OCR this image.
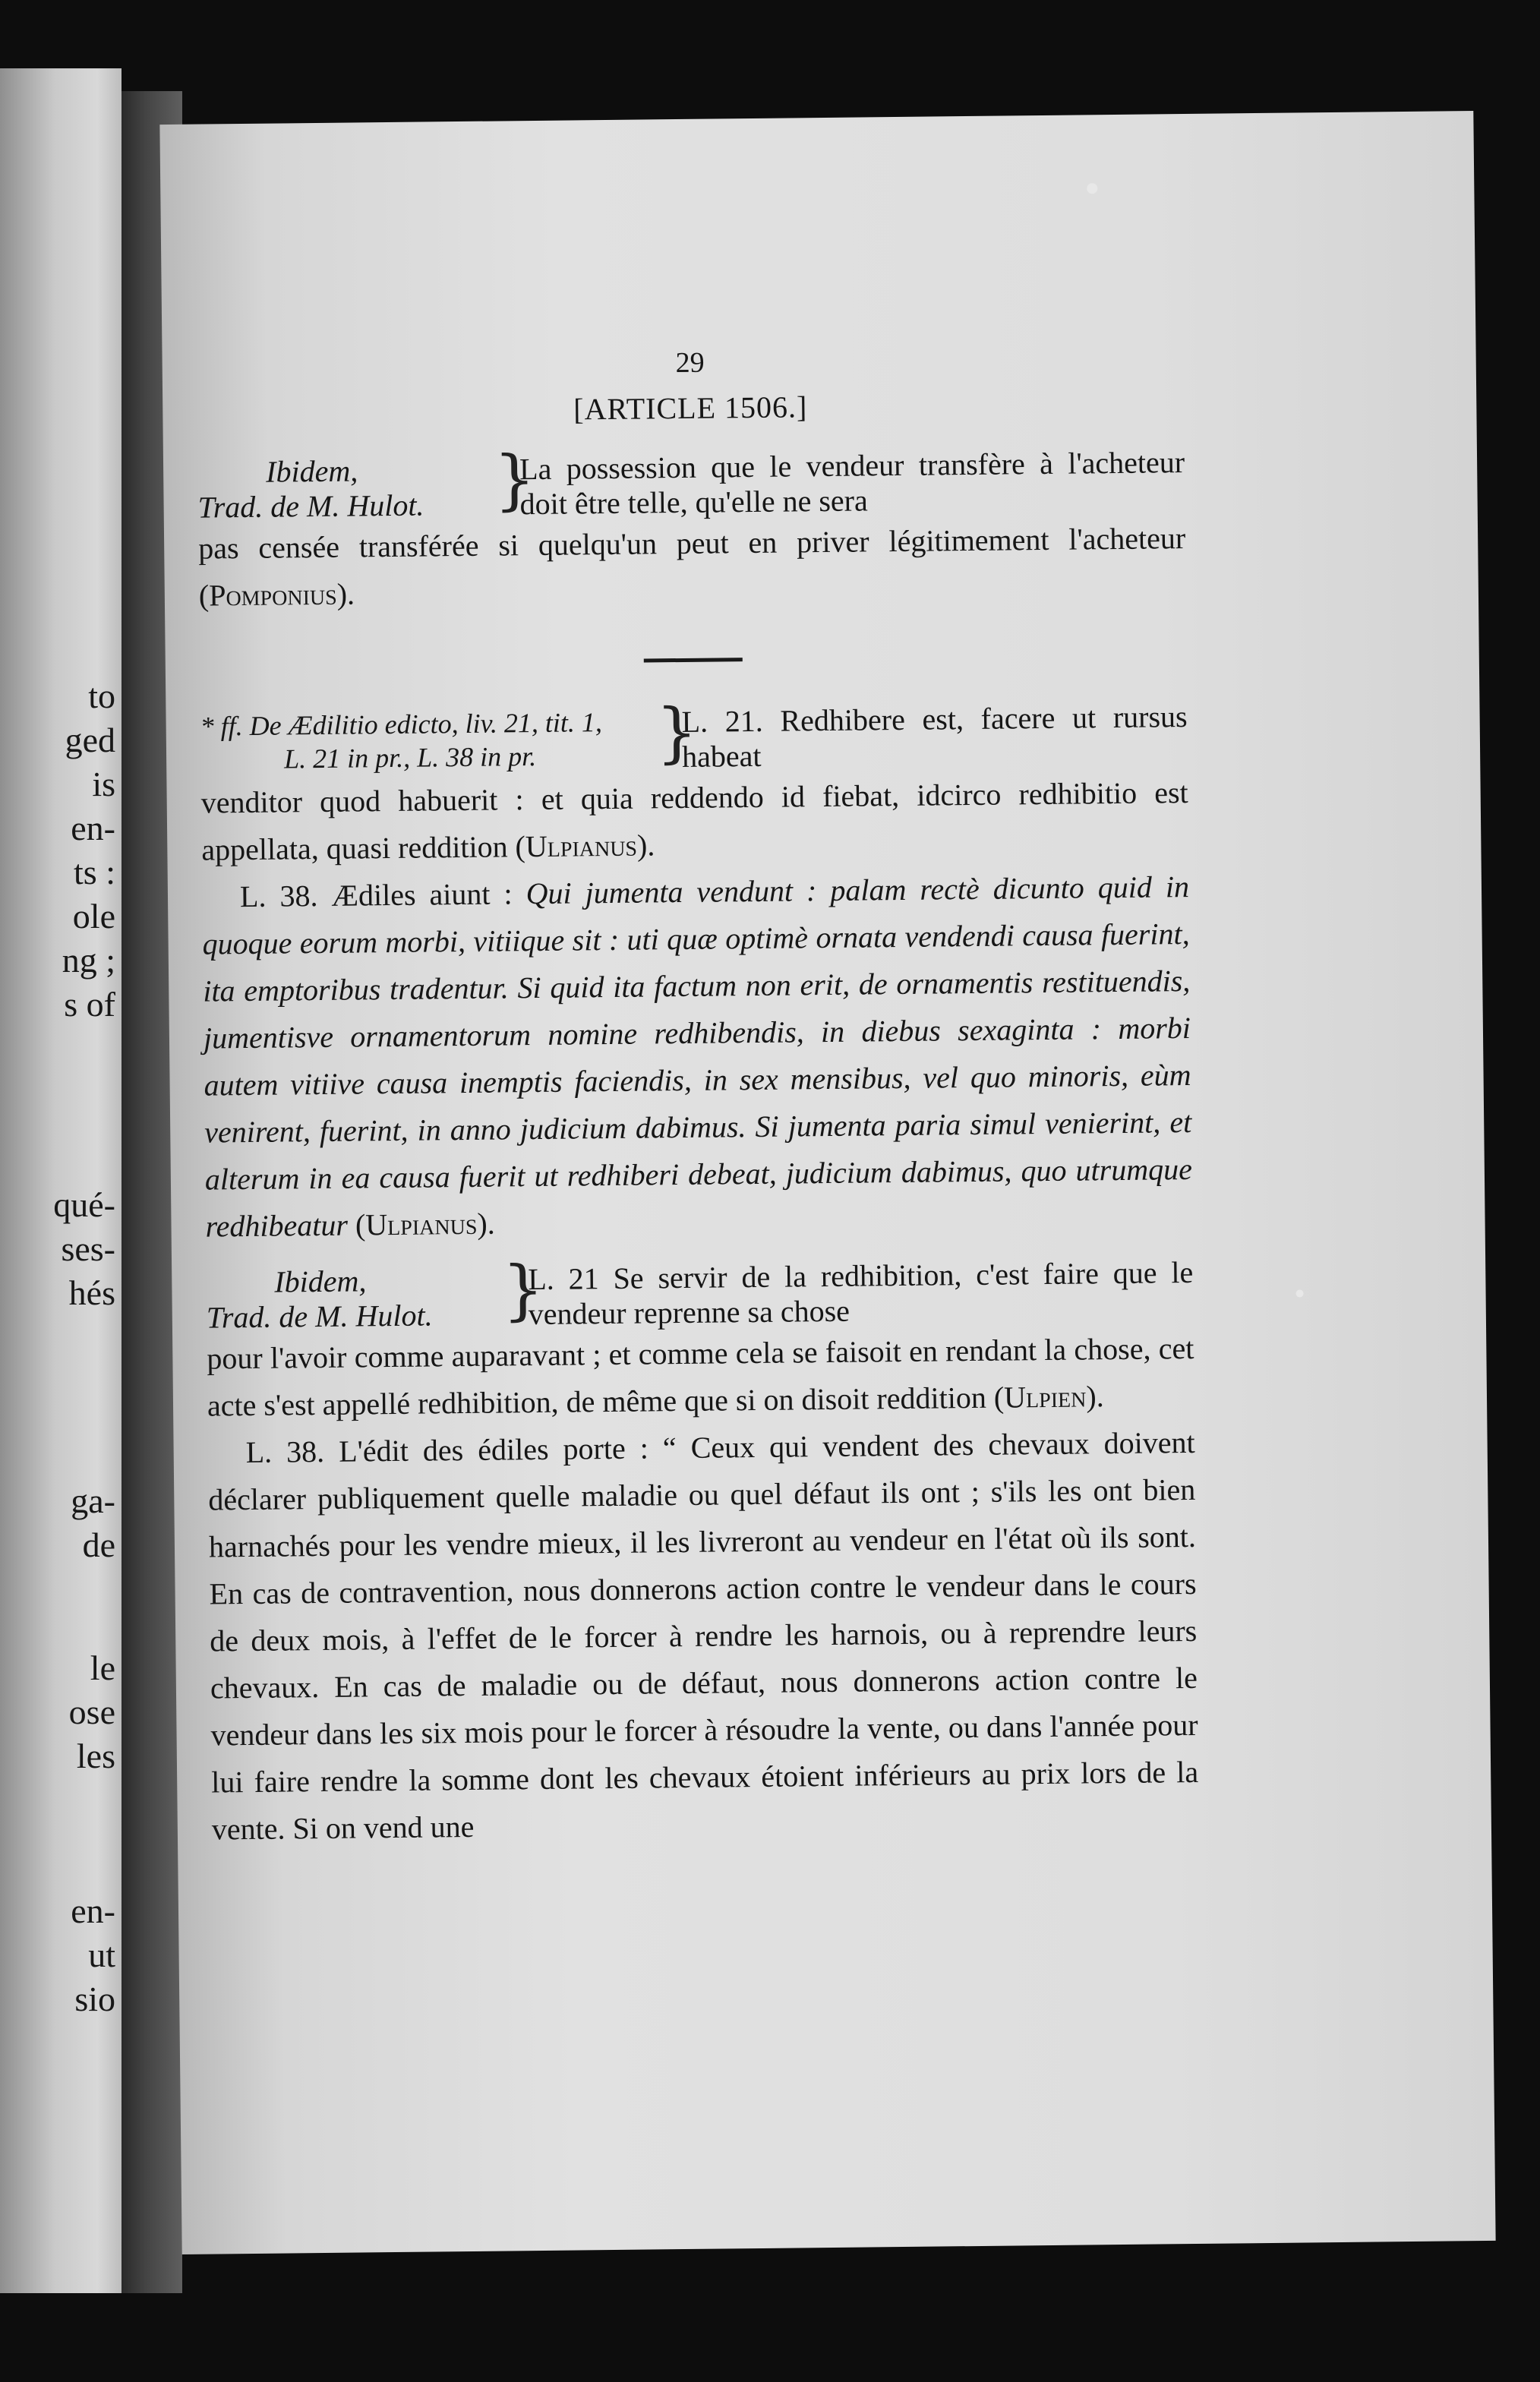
to
ged
is
en-
ts :
ole
ng ;
s of
qué-
ses-
hés
ga-
de
le
ose
les
en-
ut
sio
29
[ARTICLE 1506.]
Ibidem,
Trad. de M. Hulot.	}
La possession que le vendeur transfère à l'acheteur doit être telle, qu'elle ne sera
pas censée transférée si quelqu'un peut en priver légitimement l'acheteur (Pomponius).
* ff. De Ædilitio edicto, liv. 21, tit. 1,
L. 21 in pr., L. 38 in pr.	}
L. 21. Redhibere est, facere ut rursus habeat
venditor quod habuerit : et quia reddendo id fiebat, idcirco redhibitio est appellata, quasi reddition (Ulpianus).
L. 38. Ædiles aiunt : Qui jumenta vendunt : palam rectè dicunto quid in quoque eorum morbi, vitiique sit : uti quæ optimè ornata vendendi causa fuerint, ita emptoribus tradentur. Si quid ita factum non erit, de ornamentis restituendis, jumentisve ornamentorum nomine redhibendis, in diebus sexaginta : morbi autem vitiive causa inemptis faciendis, in sex mensibus, vel quo minoris, eùm venirent, fuerint, in anno judicium dabimus. Si jumenta paria simul venierint, et alterum in ea causa fuerit ut redhiberi debeat, judicium dabimus, quo utrumque redhibeatur (Ulpianus).
Ibidem,
Trad. de M. Hulot.	}
L. 21 Se servir de la redhibition, c'est faire que le vendeur reprenne sa chose
pour l'avoir comme auparavant ; et comme cela se faisoit en rendant la chose, cet acte s'est appellé redhibition, de même que si on disoit reddition (Ulpien).
L. 38. L'édit des édiles porte : “ Ceux qui vendent des chevaux doivent déclarer publiquement quelle maladie ou quel défaut ils ont ; s'ils les ont bien harnachés pour les vendre mieux, il les livreront au vendeur en l'état où ils sont. En cas de contravention, nous donnerons action contre le vendeur dans le cours de deux mois, à l'effet de le forcer à rendre les harnois, ou à reprendre leurs chevaux. En cas de maladie ou de défaut, nous donnerons action contre le vendeur dans les six mois pour le forcer à résoudre la vente, ou dans l'année pour lui faire rendre la somme dont les chevaux étoient inférieurs au prix lors de la vente. Si on vend une
